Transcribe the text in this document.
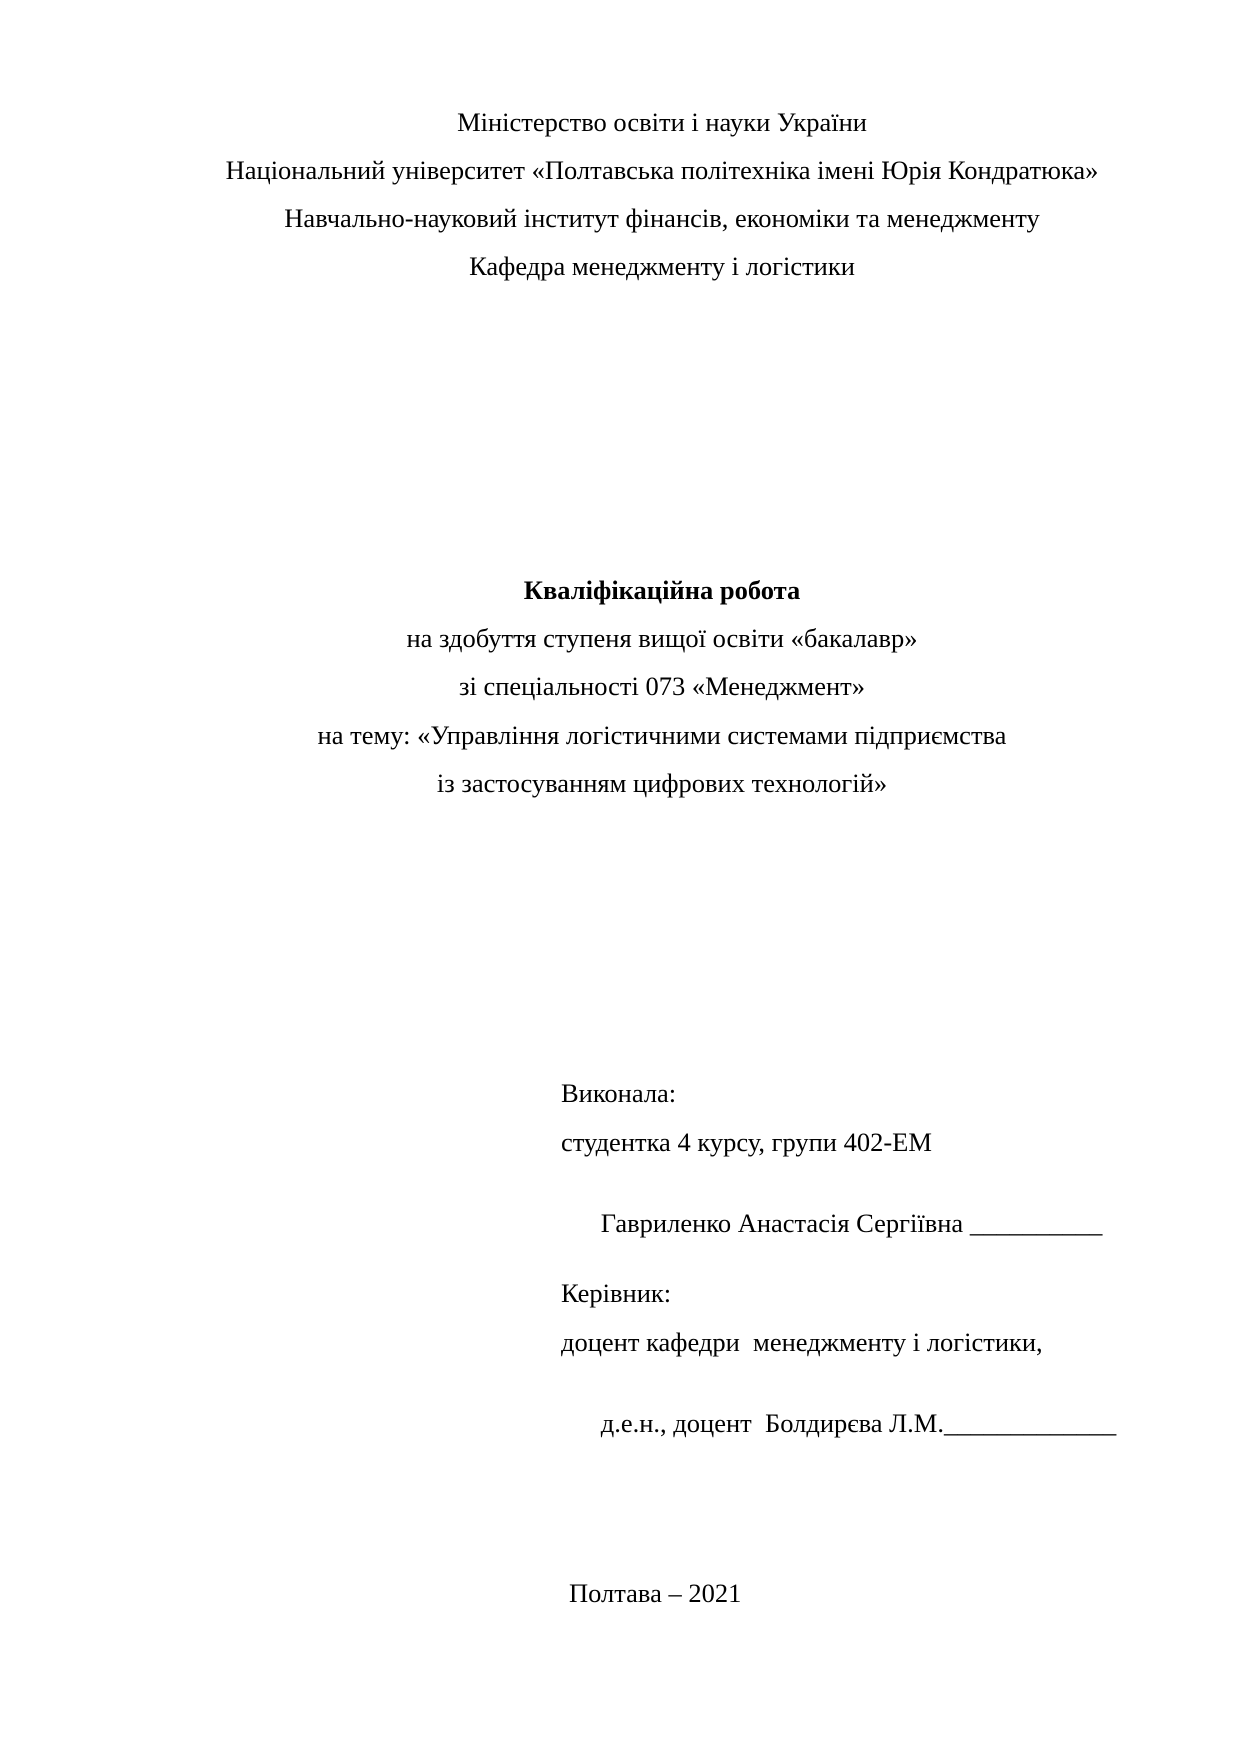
Міністерство освіти і науки України
Національний університет «Полтавська політехніка імені Юрія Кондратюка»
Навчально-науковий інститут фінансів, економіки та менеджменту
Кафедра менеджменту і логістики
Кваліфікаційна робота
на здобуття ступеня вищої освіти «бакалавр»
зі спеціальності 073 «Менеджмент»
на тему: «Управління логістичними системами підприємства
із застосуванням цифрових технологій»
Виконала:
студентка 4 курсу, групи 402-ЕМ

Гавриленко Анастасія Сергіївна __________

Керівник:
доцент кафедри  менеджменту і логістики,

д.е.н., доцент  Болдирєва Л.М._____________

Полтава – 2021
